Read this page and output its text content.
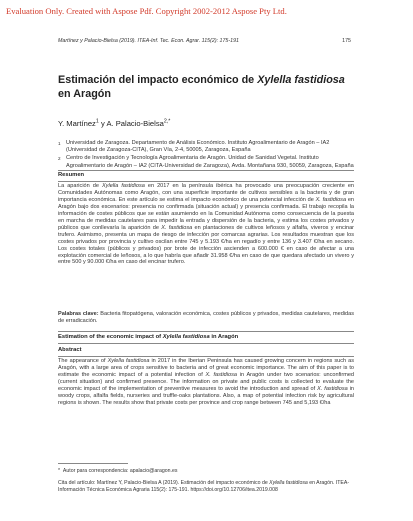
Evaluation Only. Created with Aspose Pdf. Copyright 2002-2012 Aspose Pty Ltd.
Martínez y Palacio-Bielsa (2019). ITEA-Inf. Tec. Econ. Agrar. 115(2): 175-191	175
Estimación del impacto económico de Xylella fastidiosa
en Aragón
Y. Martínez$^1$ y A. Palacio-Bielsa$^{2,*}$
1 Universidad de Zaragoza. Departamento de Análisis Económico. Instituto Agroalimentario de Aragón – IA2 (Universidad de Zaragoza-CITA), Gran Vía, 2-4, 50005, Zaragoza, España
2 Centro de Investigación y Tecnología Agroalimentaria de Aragón. Unidad de Sanidad Vegetal. Instituto Agroalimentario de Aragón – IA2 (CITA-Universidad de Zaragoza), Avda. Montañana 930, 50059, Zaragoza, España
Resumen
La aparición de Xylella fastidiosa en 2017 en la península ibérica ha provocado una preocupación creciente en Comunidades Autónomas como Aragón, con una superficie importante de cultivos sensibles a la bacteria y de gran importancia económica. En este artículo se estima el impacto económico de una potencial infección de X. fastidiosa en Aragón bajo dos escenarios: presencia no confirmada (situación actual) y presencia confirmada. El trabajo recopila la información de costes públicos que se están asumiendo en la Comunidad Autónoma como consecuencia de la puesta en marcha de medidas cautelares para impedir la entrada y dispersión de la bacteria, y estima los costes privados y públicos que conllevaría la aparición de X. fastidiosa en plantaciones de cultivos leñosos y alfalfa, viveros y encinar trufero. Asimismo, presenta un mapa de riesgo de infección por comarcas agrarias. Los resultados muestran que los costes privados por provincia y cultivo oscilan entre 745 y 5.193 €/ha en regadío y entre 136 y 3.407 €/ha en secano. Los costes totales (públicos y privados) por brote de infección ascienden a 600.000 € en caso de afectar a una explotación comercial de leñosos, a lo que habría que añadir 31.958 €/ha en caso de que quedara afectado un vivero y entre 500 y 90.000 €/ha en caso del encinar trufero.
Palabras clave: Bacteria fitopatógena, valoración económica, costes públicos y privados, medidas cautelares, medidas de erradicación.
Estimation of the economic impact of Xylella fastidiosa in Aragón
Abstract
The appearance of Xylella fastidiosa in 2017 in the Iberian Peninsula has caused growing concern in regions such as Aragón, with a large area of crops sensitive to bacteria and of great economic importance. The aim of this paper is to estimate the economic impact of a potential infection of X. fastidiosa in Aragón under two scenarios: unconfirmed (current situation) and confirmed presence. The information on private and public costs is collected to evaluate the economic impact of the implementation of preventive measures to avoid the introduction and spread of X. fastidiosa in woody crops, alfalfa fields, nurseries and truffle-oaks plantations. Also, a map of potential infection risk by agricultural regions is shown. The results show that private costs per province and crop range between 745 and 5,193 €/ha
* Autor para correspondencia: apalacio@aragon.es
Cita del artículo: Martínez Y, Palacio-Bielsa A (2019). Estimación del impacto económico de Xylella fastidiosa en Aragón. ITEA-Información Técnica Económica Agraria 115(2): 175-191. https://doi.org/10.12706/itea.2019.008
